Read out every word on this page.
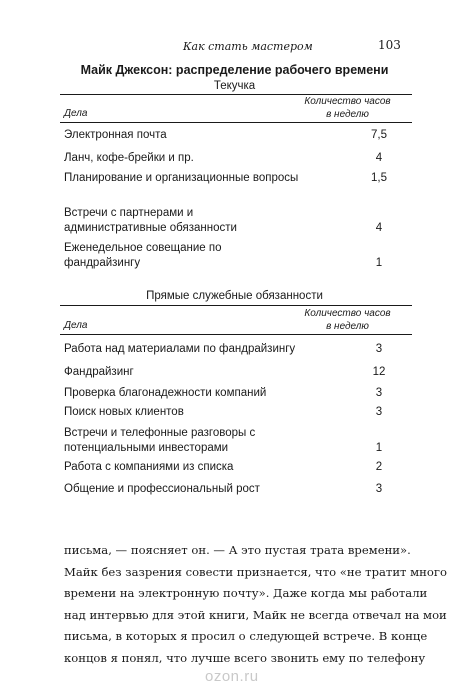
Как стать мастером	103
Майк Джексон: распределение рабочего времени
Текучка
Дела
Количество часов
в неделю
Электронная почта	7,5
Ланч, кофе-брейки и пр.	4
Планирование и организационные вопросы	1,5
Встречи с партнерами и административные обязанности	4
Еженедельное совещание по фандрайзингу	1
Прямые служебные обязанности
Дела
Количество часов
в неделю
Работа над материалами по фандрайзингу	3
Фандрайзинг	12
Проверка благонадежности компаний	3
Поиск новых клиентов	3
Встречи и телефонные разговоры с потенциальными инвесторами	1
Работа с компаниями из списка	2
Общение и профессиональный рост	3
письма, — поясняет он. — А это пустая трата времени».
Майк без зазрения совести признается, что «не тратит много
времени на электронную почту». Даже когда мы работали
над интервью для этой книги, Майк не всегда отвечал на мои
письма, в которых я просил о следующей встрече. В конце
концов я понял, что лучше всего звонить ему по телефону
ozon.ru
